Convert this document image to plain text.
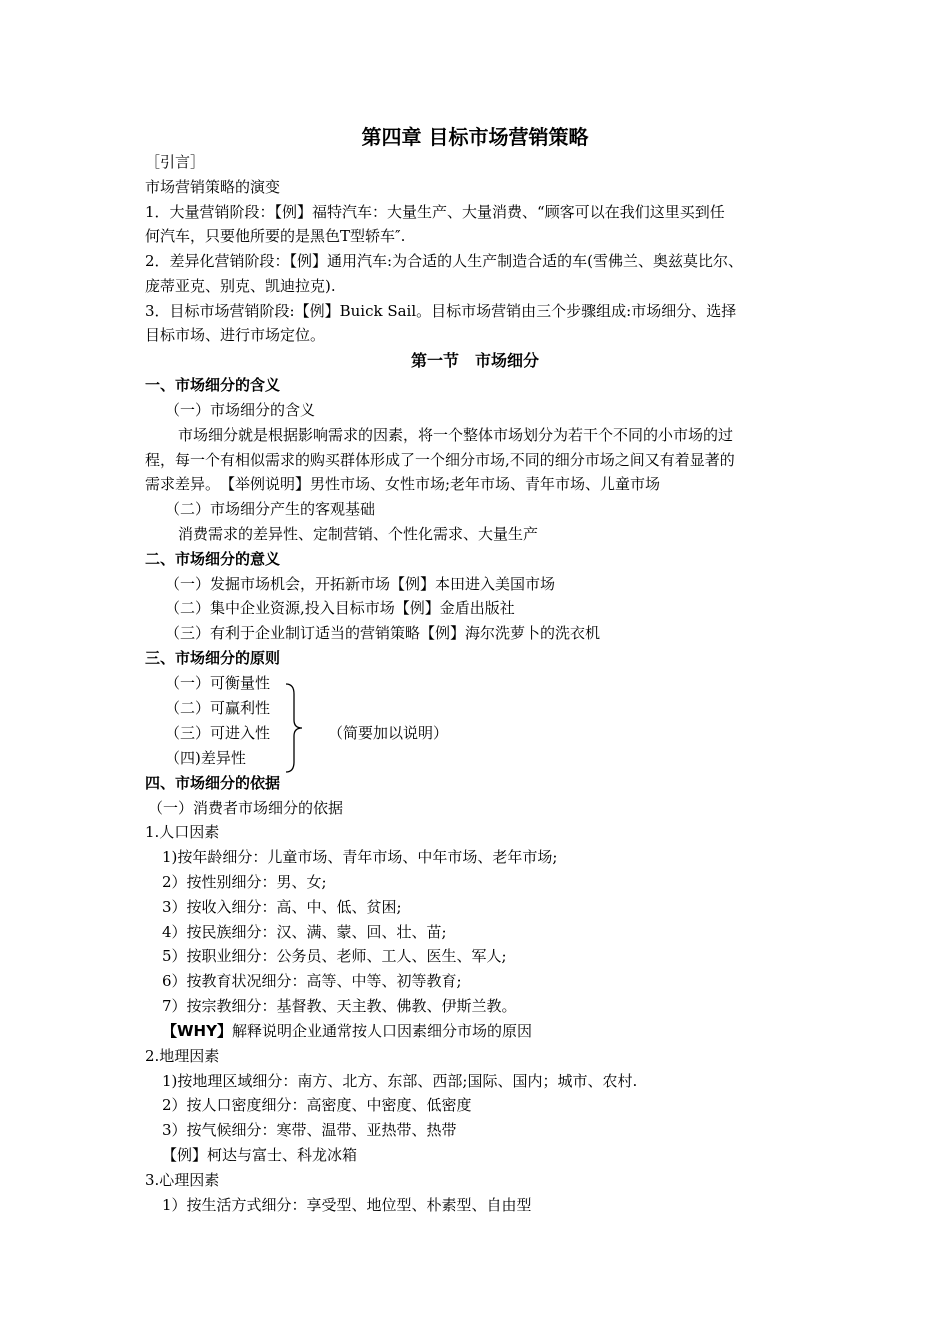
第四章 目标市场营销策略
［引言］
市场营销策略的演变
1．大量营销阶段：【例】福特汽车：大量生产、大量消费、“顾客可以在我们这里买到任
何汽车，只要他所要的是黑色T型轿车″.
2．差异化营销阶段：【例】通用汽车:为合适的人生产制造合适的车(雪佛兰、奥兹莫比尔、
庞蒂亚克、别克、凯迪拉克).
3．目标市场营销阶段:【例】Buick Sail。目标市场营销由三个步骤组成:市场细分、选择
目标市场、进行市场定位。
第一节　市场细分
一、市场细分的含义
（一）市场细分的含义
市场细分就是根据影响需求的因素，将一个整体市场划分为若干个不同的小市场的过
程，每一个有相似需求的购买群体形成了一个细分市场,不同的细分市场之间又有着显著的
需求差异。　【举例说明】男性市场、女性市场;老年市场、青年市场、儿童市场
（二）市场细分产生的客观基础
消费需求的差异性、定制营销、个性化需求、大量生产
二、市场细分的意义
（一）发掘市场机会，开拓新市场【例】本田进入美国市场
（二）集中企业资源,投入目标市场【例】金盾出版社
（三）有利于企业制订适当的营销策略【例】海尔洗萝卜的洗衣机
三、市场细分的原则
（一）可衡量性
（二）可赢利性
（三）可进入性
（四)差异性
（简要加以说明）
四、市场细分的依据
（一）消费者市场细分的依据
1.人口因素
1)按年龄细分：儿童市场、青年市场、中年市场、老年市场;
2）按性别细分：男、女;
3）按收入细分：高、中、低、贫困;
4）按民族细分：汉、满、蒙、回、壮、苗;
5）按职业细分：公务员、老师、工人、医生、军人;
6）按教育状况细分：高等、中等、初等教育;
7）按宗教细分：基督教、天主教、佛教、伊斯兰教。
【WHY】解释说明企业通常按人口因素细分市场的原因
2.地理因素
1)按地理区域细分：南方、北方、东部、西部;国际、国内；城市、农村.
2）按人口密度细分：高密度、中密度、低密度
3）按气候细分：寒带、温带、亚热带、热带
【例】柯达与富士、科龙冰箱
3.心理因素
1）按生活方式细分：享受型、地位型、朴素型、自由型
